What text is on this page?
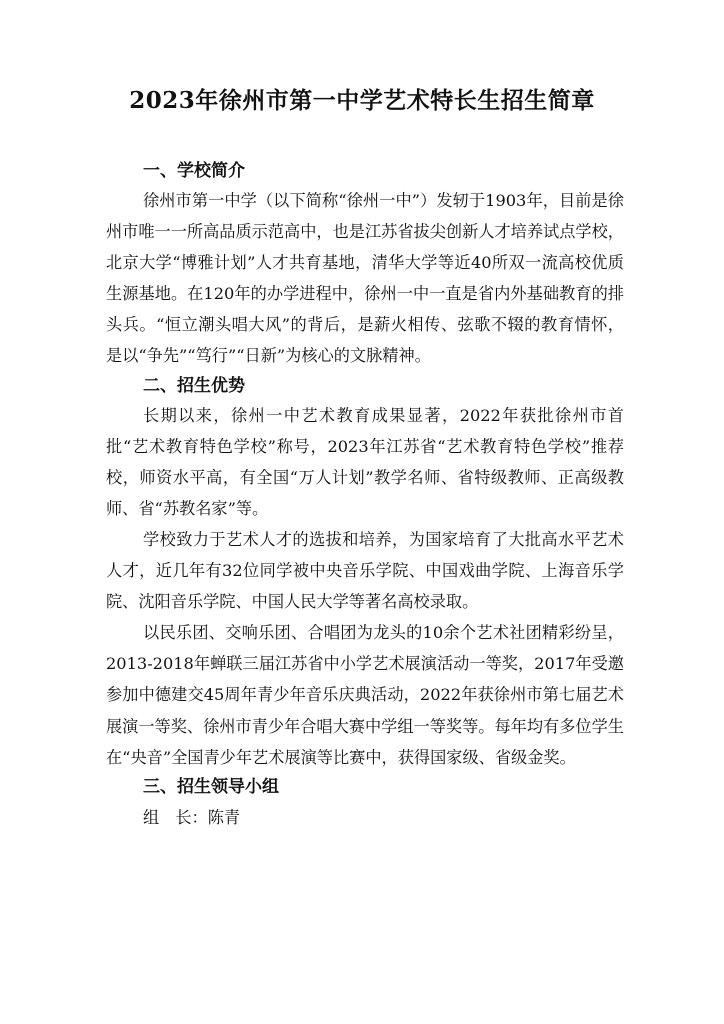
2023年徐州市第一中学艺术特长生招生简章
一、学校简介

徐州市第一中学（以下简称“徐州一中”）发轫于1903年，目前是徐州市唯一一所高品质示范高中，也是江苏省拔尖创新人才培养试点学校，北京大学“博雅计划”人才共育基地，清华大学等近40所双一流高校优质生源基地。在120年的办学进程中，徐州一中一直是省内外基础教育的排头兵。“恒立潮头唱大风”的背后，是薪火相传、弦歌不辍的教育情怀，是以“争先”“笃行”“日新”为核心的文脉精神。

二、招生优势

长期以来，徐州一中艺术教育成果显著，2022年获批徐州市首批“艺术教育特色学校”称号，2023年江苏省“艺术教育特色学校”推荐校，师资水平高，有全国“万人计划”教学名师、省特级教师、正高级教师、省“苏教名家”等。

学校致力于艺术人才的选拔和培养，为国家培育了大批高水平艺术人才，近几年有32位同学被中央音乐学院、中国戏曲学院、上海音乐学院、沈阳音乐学院、中国人民大学等著名高校录取。

以民乐团、交响乐团、合唱团为龙头的10余个艺术社团精彩纷呈，2013-2018年蝉联三届江苏省中小学艺术展演活动一等奖，2017年受邀参加中德建交45周年青少年音乐庆典活动，2022年获徐州市第七届艺术展演一等奖、徐州市青少年合唱大赛中学组一等奖等。每年均有多位学生在“央音”全国青少年艺术展演等比赛中，获得国家级、省级金奖。

三、招生领导小组
组　长：陈青
